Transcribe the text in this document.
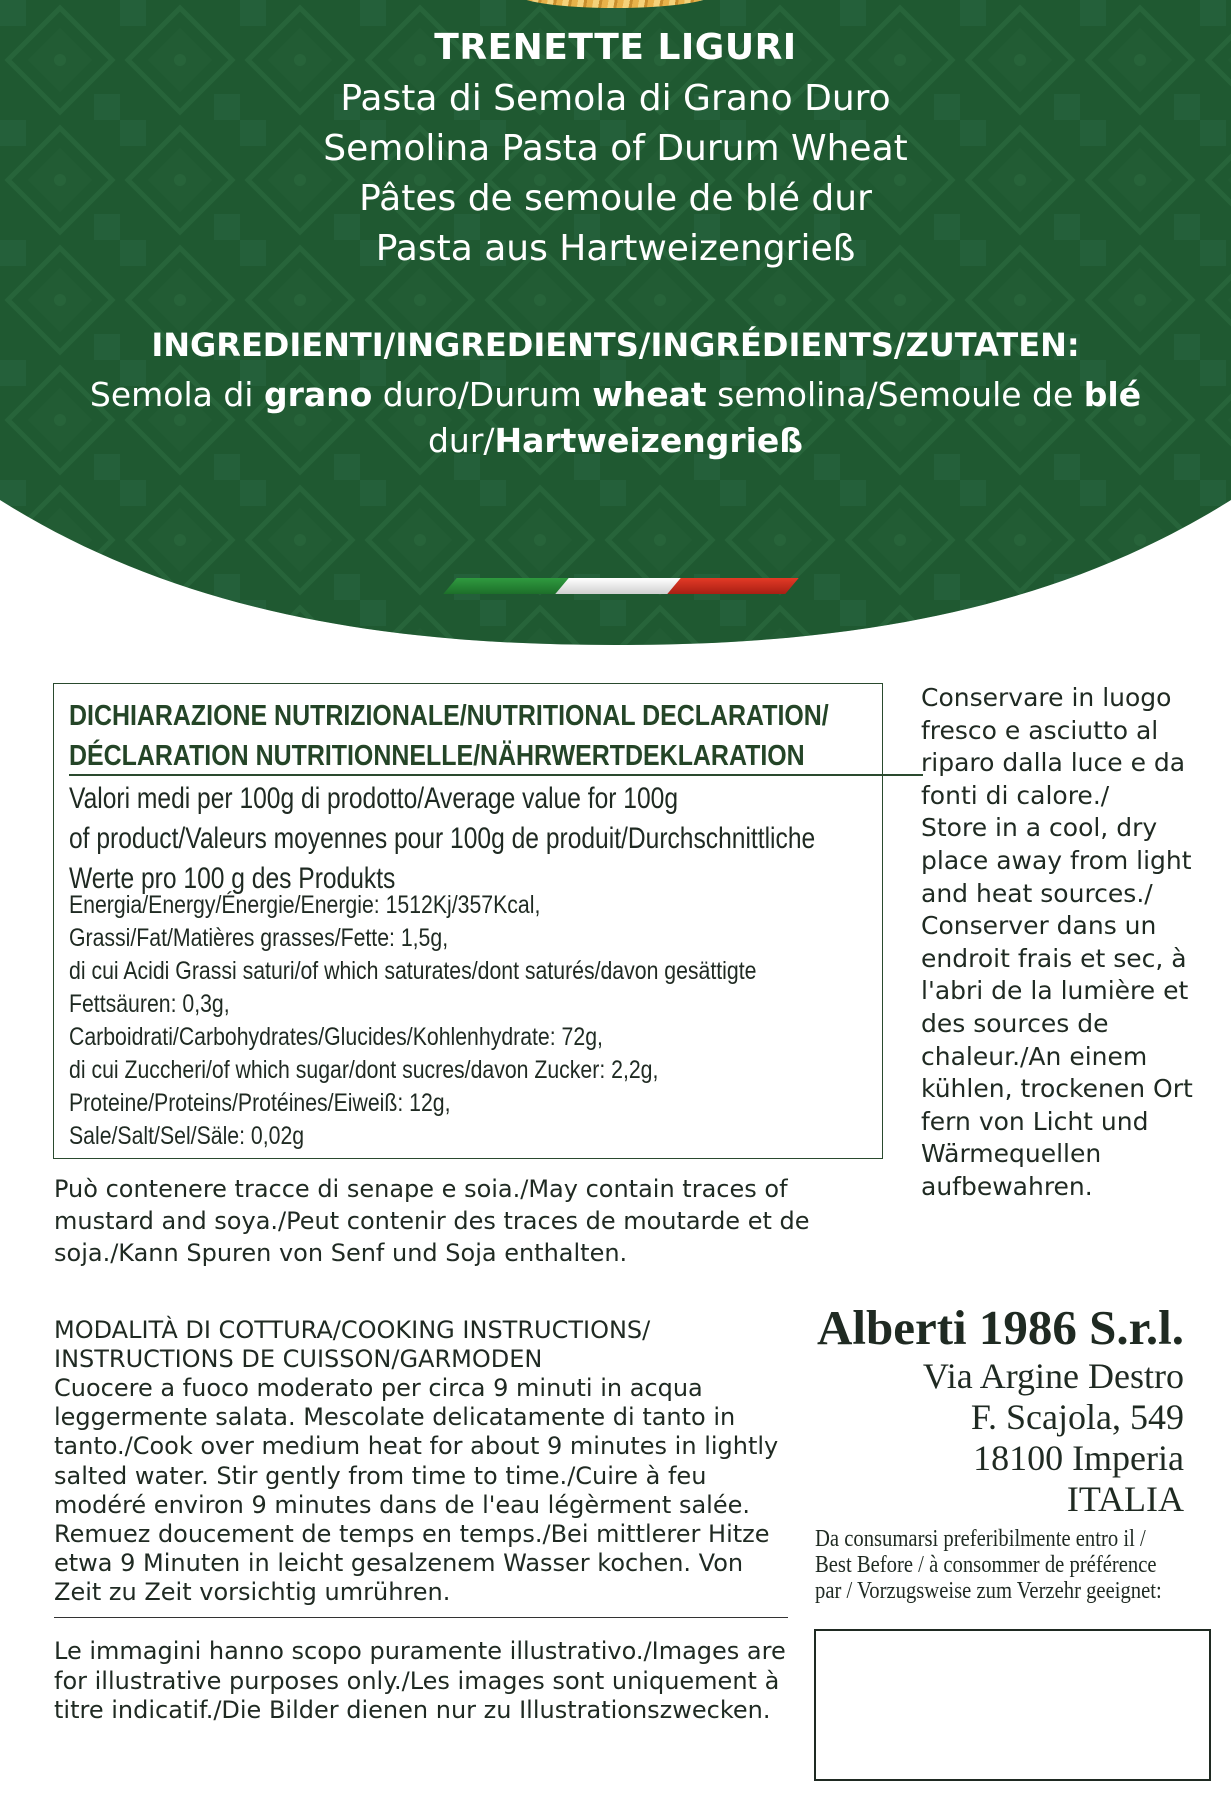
TRENETTE LIGURI
Pasta di Semola di Grano Duro
Semolina Pasta of Durum Wheat
Pâtes de semoule de blé dur
Pasta aus Hartweizengrieß
INGREDIENTI/INGREDIENTS/INGRÉDIENTS/ZUTATEN:
Semola di grano duro/Durum wheat semolina/Semoule de blé
dur/Hartweizengrieß
DICHIARAZIONE NUTRIZIONALE/NUTRITIONAL DECLARATION/
DÉCLARATION NUTRITIONNELLE/NÄHRWERTDEKLARATION
Valori medi per 100g di prodotto/Average value for 100g
of product/Valeurs moyennes pour 100g de produit/Durchschnittliche
Werte pro 100 g des Produkts
Energia/Energy/Énergie/Energie: 1512Kj/357Kcal,
Grassi/Fat/Matières grasses/Fette: 1,5g,
di cui Acidi Grassi saturi/of which saturates/dont saturés/davon gesättigte
Fettsäuren: 0,3g,
Carboidrati/Carbohydrates/Glucides/Kohlenhydrate: 72g,
di cui Zuccheri/of which sugar/dont sucres/davon Zucker: 2,2g,
Proteine/Proteins/Protéines/Eiweiß: 12g,
Sale/Salt/Sel/Säle: 0,02g
Conservare in luogo
fresco e asciutto al
riparo dalla luce e da
fonti di calore./
Store in a cool, dry
place away from light
and heat sources./
Conserver dans un
endroit frais et sec, à
l'abri de la lumière et
des sources de
chaleur./An einem
kühlen, trockenen Ort
fern von Licht und
Wärmequellen
aufbewahren.
Può contenere tracce di senape e soia./May contain traces of
mustard and soya./Peut contenir des traces de moutarde et de
soja./Kann Spuren von Senf und Soja enthalten.
MODALITÀ DI COTTURA/COOKING INSTRUCTIONS/
INSTRUCTIONS DE CUISSON/GARMODEN
Cuocere a fuoco moderato per circa 9 minuti in acqua
leggermente salata. Mescolate delicatamente di tanto in
tanto./Cook over medium heat for about 9 minutes in lightly
salted water. Stir gently from time to time./Cuire à feu
modéré environ 9 minutes dans de l'eau légèrment salée.
Remuez doucement de temps en temps./Bei mittlerer Hitze
etwa 9 Minuten in leicht gesalzenem Wasser kochen. Von
Zeit zu Zeit vorsichtig umrühren.
Le immagini hanno scopo puramente illustrativo./Images are
for illustrative purposes only./Les images sont uniquement à
titre indicatif./Die Bilder dienen nur zu Illustrationszwecken.
Alberti 1986 S.r.l.
Via Argine Destro
F. Scajola, 549
18100 Imperia
ITALIA
Da consumarsi preferibilmente entro il /
Best Before / à consommer de préférence
par / Vorzugsweise zum Verzehr geeignet:
